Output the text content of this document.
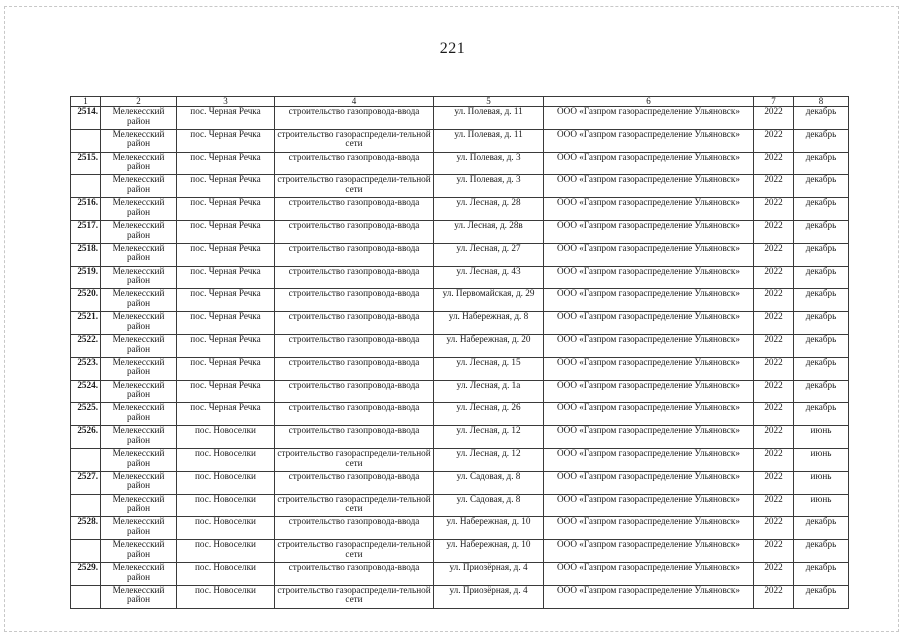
221
1	2	3	4	5	6	7	8
2514.	Мелекесский район	пос. Черная Речка	строительство газопровода-ввода	ул. Полевая, д. 11	ООО «Газпром газораспределение Ульяновск»	2022	декабрь
	Мелекесский район	пос. Черная Речка	строительство газораспредели-тельной сети	ул. Полевая, д. 11	ООО «Газпром газораспределение Ульяновск»	2022	декабрь
2515.	Мелекесский район	пос. Черная Речка	строительство газопровода-ввода	ул. Полевая, д. 3	ООО «Газпром газораспределение Ульяновск»	2022	декабрь
	Мелекесский район	пос. Черная Речка	строительство газораспредели-тельной сети	ул. Полевая, д. 3	ООО «Газпром газораспределение Ульяновск»	2022	декабрь
2516.	Мелекесский район	пос. Черная Речка	строительство газопровода-ввода	ул. Лесная, д. 28	ООО «Газпром газораспределение Ульяновск»	2022	декабрь
2517.	Мелекесский район	пос. Черная Речка	строительство газопровода-ввода	ул. Лесная, д. 28в	ООО «Газпром газораспределение Ульяновск»	2022	декабрь
2518.	Мелекесский район	пос. Черная Речка	строительство газопровода-ввода	ул. Лесная, д. 27	ООО «Газпром газораспределение Ульяновск»	2022	декабрь
2519.	Мелекесский район	пос. Черная Речка	строительство газопровода-ввода	ул. Лесная, д. 43	ООО «Газпром газораспределение Ульяновск»	2022	декабрь
2520.	Мелекесский район	пос. Черная Речка	строительство газопровода-ввода	ул. Первомайская, д. 29	ООО «Газпром газораспределение Ульяновск»	2022	декабрь
2521.	Мелекесский район	пос. Черная Речка	строительство газопровода-ввода	ул. Набережная, д. 8	ООО «Газпром газораспределение Ульяновск»	2022	декабрь
2522.	Мелекесский район	пос. Черная Речка	строительство газопровода-ввода	ул. Набережная, д. 20	ООО «Газпром газораспределение Ульяновск»	2022	декабрь
2523.	Мелекесский район	пос. Черная Речка	строительство газопровода-ввода	ул. Лесная, д. 15	ООО «Газпром газораспределение Ульяновск»	2022	декабрь
2524.	Мелекесский район	пос. Черная Речка	строительство газопровода-ввода	ул. Лесная, д. 1а	ООО «Газпром газораспределение Ульяновск»	2022	декабрь
2525.	Мелекесский район	пос. Черная Речка	строительство газопровода-ввода	ул. Лесная, д. 26	ООО «Газпром газораспределение Ульяновск»	2022	декабрь
2526.	Мелекесский район	пос. Новоселки	строительство газопровода-ввода	ул. Лесная, д. 12	ООО «Газпром газораспределение Ульяновск»	2022	июнь
	Мелекесский район	пос. Новоселки	строительство газораспредели-тельной сети	ул. Лесная, д. 12	ООО «Газпром газораспределение Ульяновск»	2022	июнь
2527.	Мелекесский район	пос. Новоселки	строительство газопровода-ввода	ул. Садовая, д. 8	ООО «Газпром газораспределение Ульяновск»	2022	июнь
	Мелекесский район	пос. Новоселки	строительство газораспредели-тельной сети	ул. Садовая, д. 8	ООО «Газпром газораспределение Ульяновск»	2022	июнь
2528.	Мелекесский район	пос. Новоселки	строительство газопровода-ввода	ул. Набережная, д. 10	ООО «Газпром газораспределение Ульяновск»	2022	декабрь
	Мелекесский район	пос. Новоселки	строительство газораспредели-тельной сети	ул. Набережная, д. 10	ООО «Газпром газораспределение Ульяновск»	2022	декабрь
2529.	Мелекесский район	пос. Новоселки	строительство газопровода-ввода	ул. Приозёрная, д. 4	ООО «Газпром газораспределение Ульяновск»	2022	декабрь
	Мелекесский район	пос. Новоселки	строительство газораспредели-тельной сети	ул. Приозёрная, д. 4	ООО «Газпром газораспределение Ульяновск»	2022	декабрь
